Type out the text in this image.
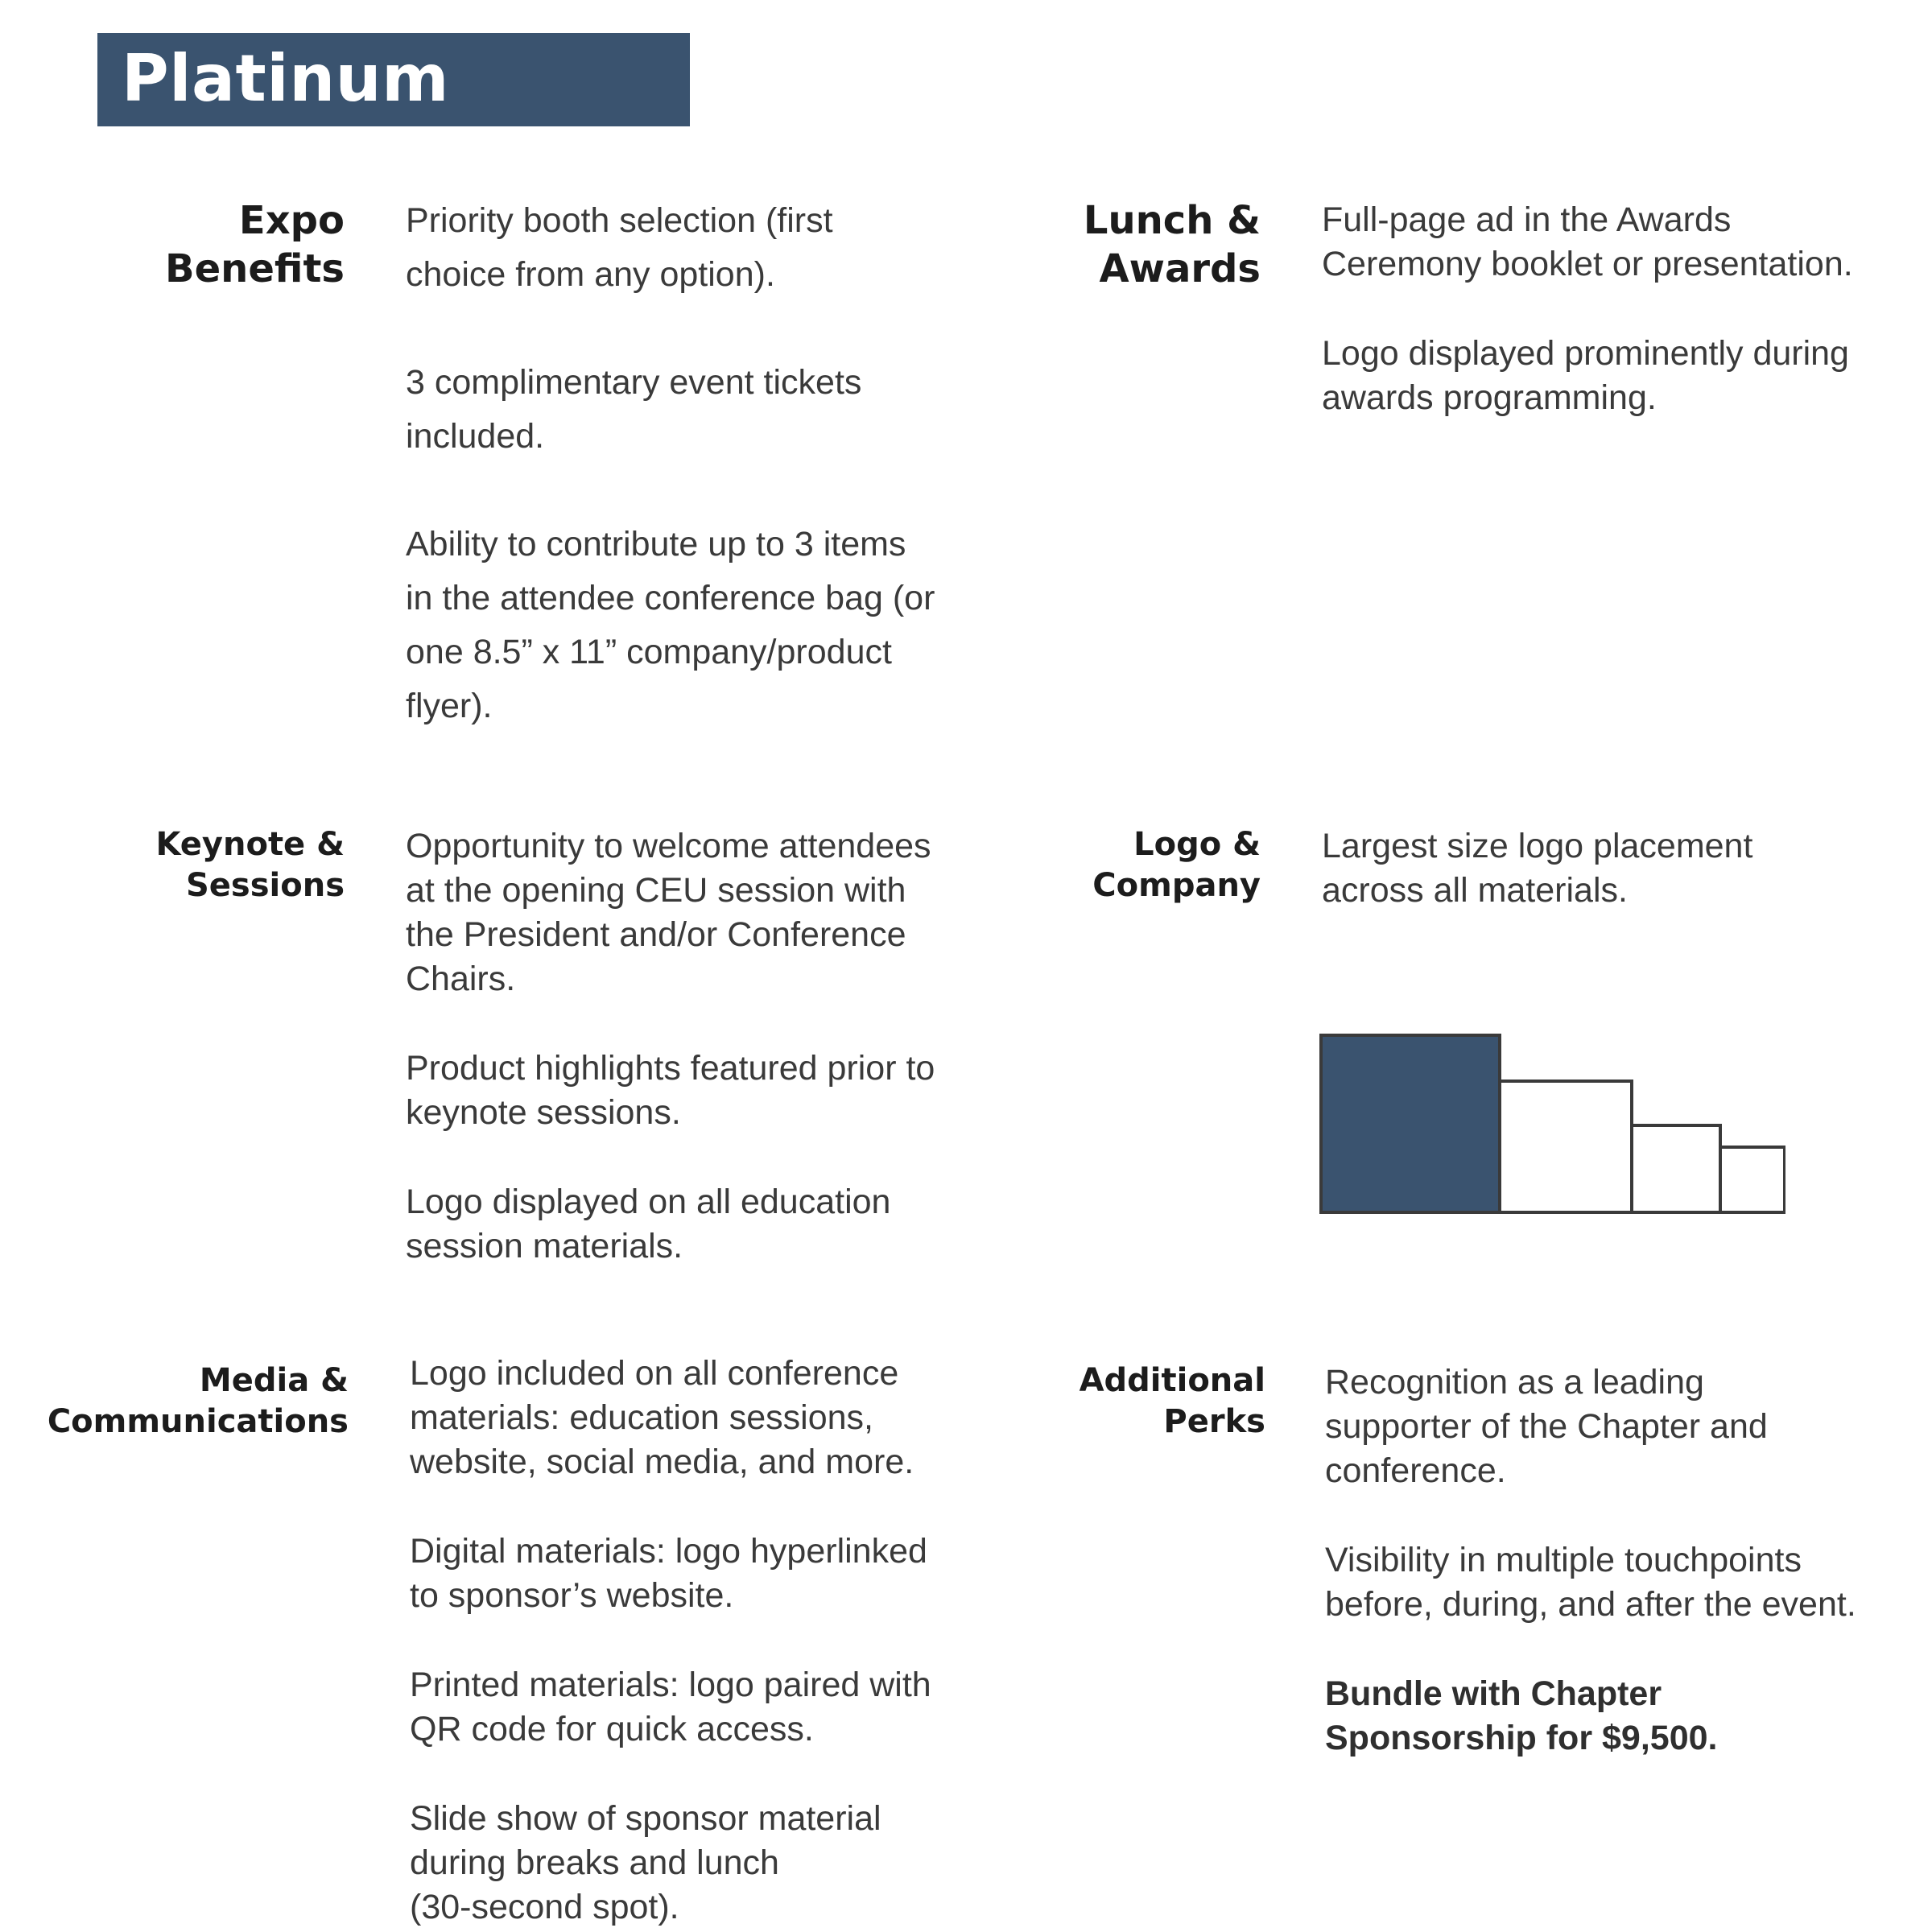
Platinum
Expo
Benefits

Priority booth selection (first
choice from any option).

3 complimentary event tickets
included.

Ability to contribute up to 3 items
in the attendee conference bag (or
one 8.5” x 11” company/product
flyer).

Lunch &
Awards

Full-page ad in the Awards
Ceremony booklet or presentation.

Logo displayed prominently during
awards programming.

Keynote &
Sessions

Opportunity to welcome attendees
at the opening CEU session with
the President and/or Conference
Chairs.

Product highlights featured prior to
keynote sessions.

Logo displayed on all education
session materials.

Logo &
Company

Largest size logo placement
across all materials.

Media &
Communications

Logo included on all conference
materials: education sessions,
website, social media, and more.

Digital materials: logo hyperlinked
to sponsor’s website.

Printed materials: logo paired with
QR code for quick access.

Slide show of sponsor material
during breaks and lunch
(30-second spot).

Additional
Perks

Recognition as a leading
supporter of the Chapter and
conference.

Visibility in multiple touchpoints
before, during, and after the event.

Bundle with Chapter
Sponsorship for $9,500.
